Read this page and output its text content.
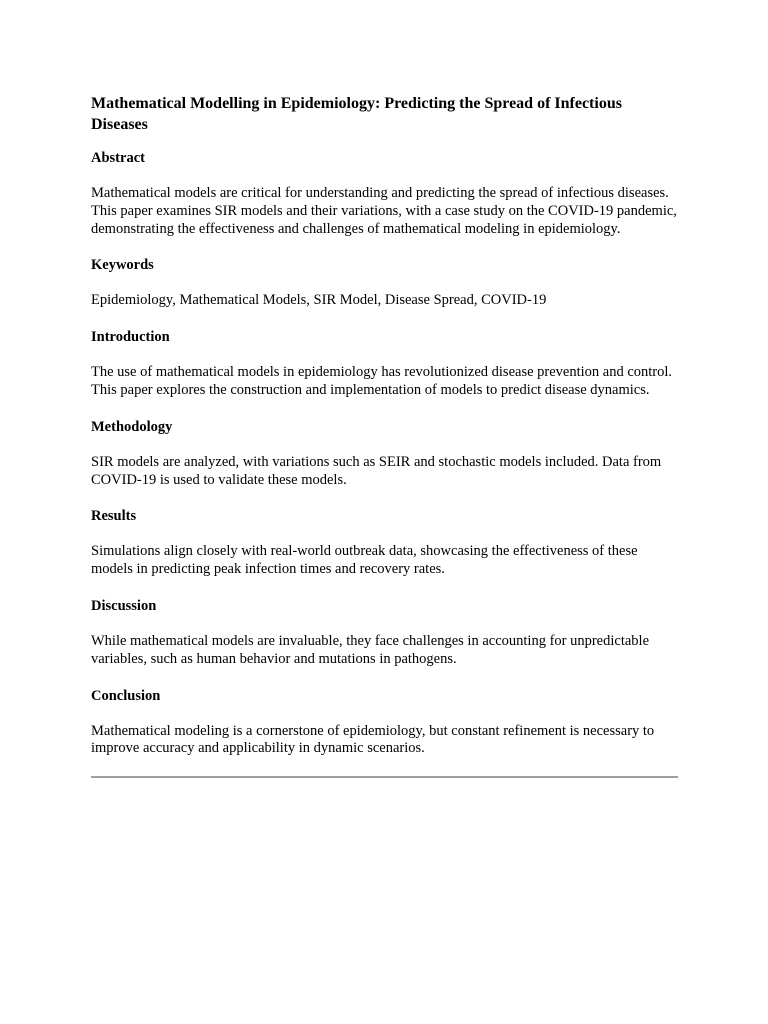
Mathematical Modelling in Epidemiology: Predicting the Spread of Infectious Diseases
Abstract
Mathematical models are critical for understanding and predicting the spread of infectious diseases. This paper examines SIR models and their variations, with a case study on the COVID-19 pandemic, demonstrating the effectiveness and challenges of mathematical modeling in epidemiology.
Keywords
Epidemiology, Mathematical Models, SIR Model, Disease Spread, COVID-19
Introduction
The use of mathematical models in epidemiology has revolutionized disease prevention and control. This paper explores the construction and implementation of models to predict disease dynamics.
Methodology
SIR models are analyzed, with variations such as SEIR and stochastic models included. Data from COVID-19 is used to validate these models.
Results
Simulations align closely with real-world outbreak data, showcasing the effectiveness of these models in predicting peak infection times and recovery rates.
Discussion
While mathematical models are invaluable, they face challenges in accounting for unpredictable variables, such as human behavior and mutations in pathogens.
Conclusion
Mathematical modeling is a cornerstone of epidemiology, but constant refinement is necessary to improve accuracy and applicability in dynamic scenarios.
